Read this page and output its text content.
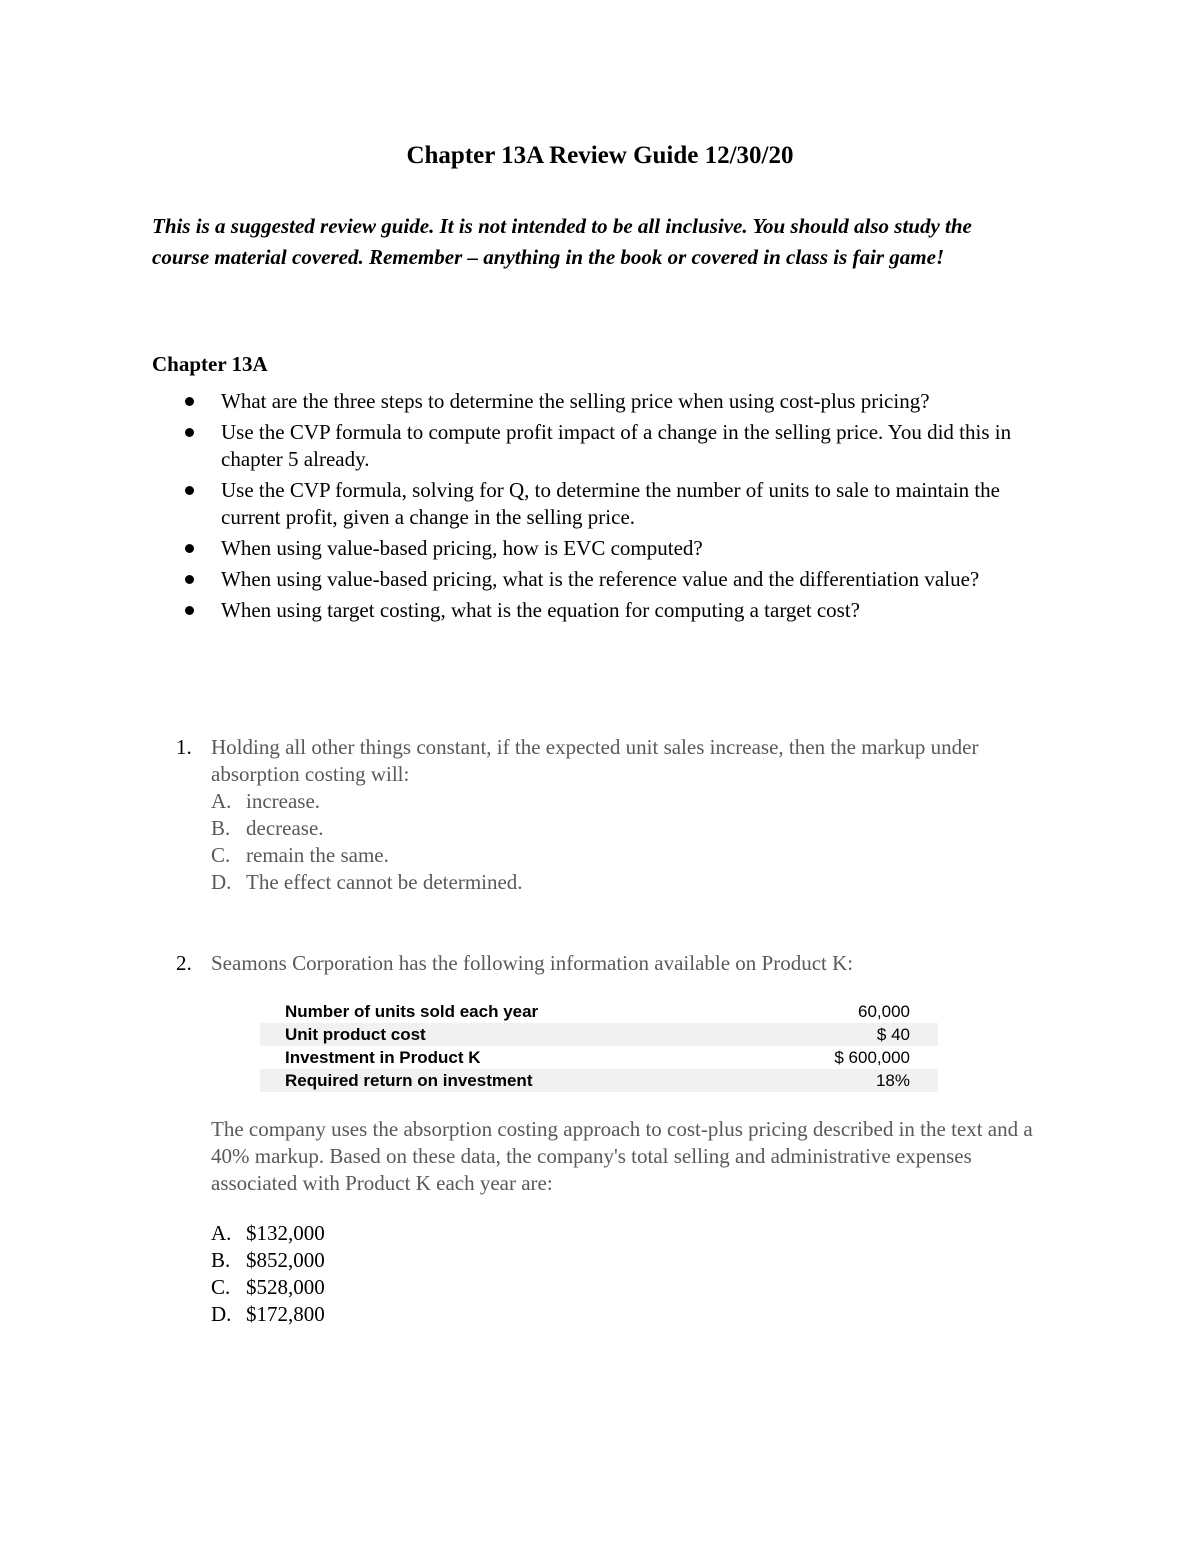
Chapter 13A Review Guide 12/30/20
This is a suggested review guide. It is not intended to be all inclusive. You should also study the course material covered. Remember – anything in the book or covered in class is fair game!
Chapter 13A
What are the three steps to determine the selling price when using cost-plus pricing?
Use the CVP formula to compute profit impact of a change in the selling price. You did this in chapter 5 already.
Use the CVP formula, solving for Q, to determine the number of units to sale to maintain the current profit, given a change in the selling price.
When using value-based pricing, how is EVC computed?
When using value-based pricing, what is the reference value and the differentiation value?
When using target costing, what is the equation for computing a target cost?
1. Holding all other things constant, if the expected unit sales increase, then the markup under absorption costing will:
A. increase.
B. decrease.
C. remain the same.
D. The effect cannot be determined.
2. Seamons Corporation has the following information available on Product K:
Number of units sold each year	60,000
Unit product cost	$ 40
Investment in Product K	$ 600,000
Required return on investment	18%
The company uses the absorption costing approach to cost-plus pricing described in the text and a 40% markup. Based on these data, the company's total selling and administrative expenses associated with Product K each year are:
A. $132,000
B. $852,000
C. $528,000
D. $172,800
